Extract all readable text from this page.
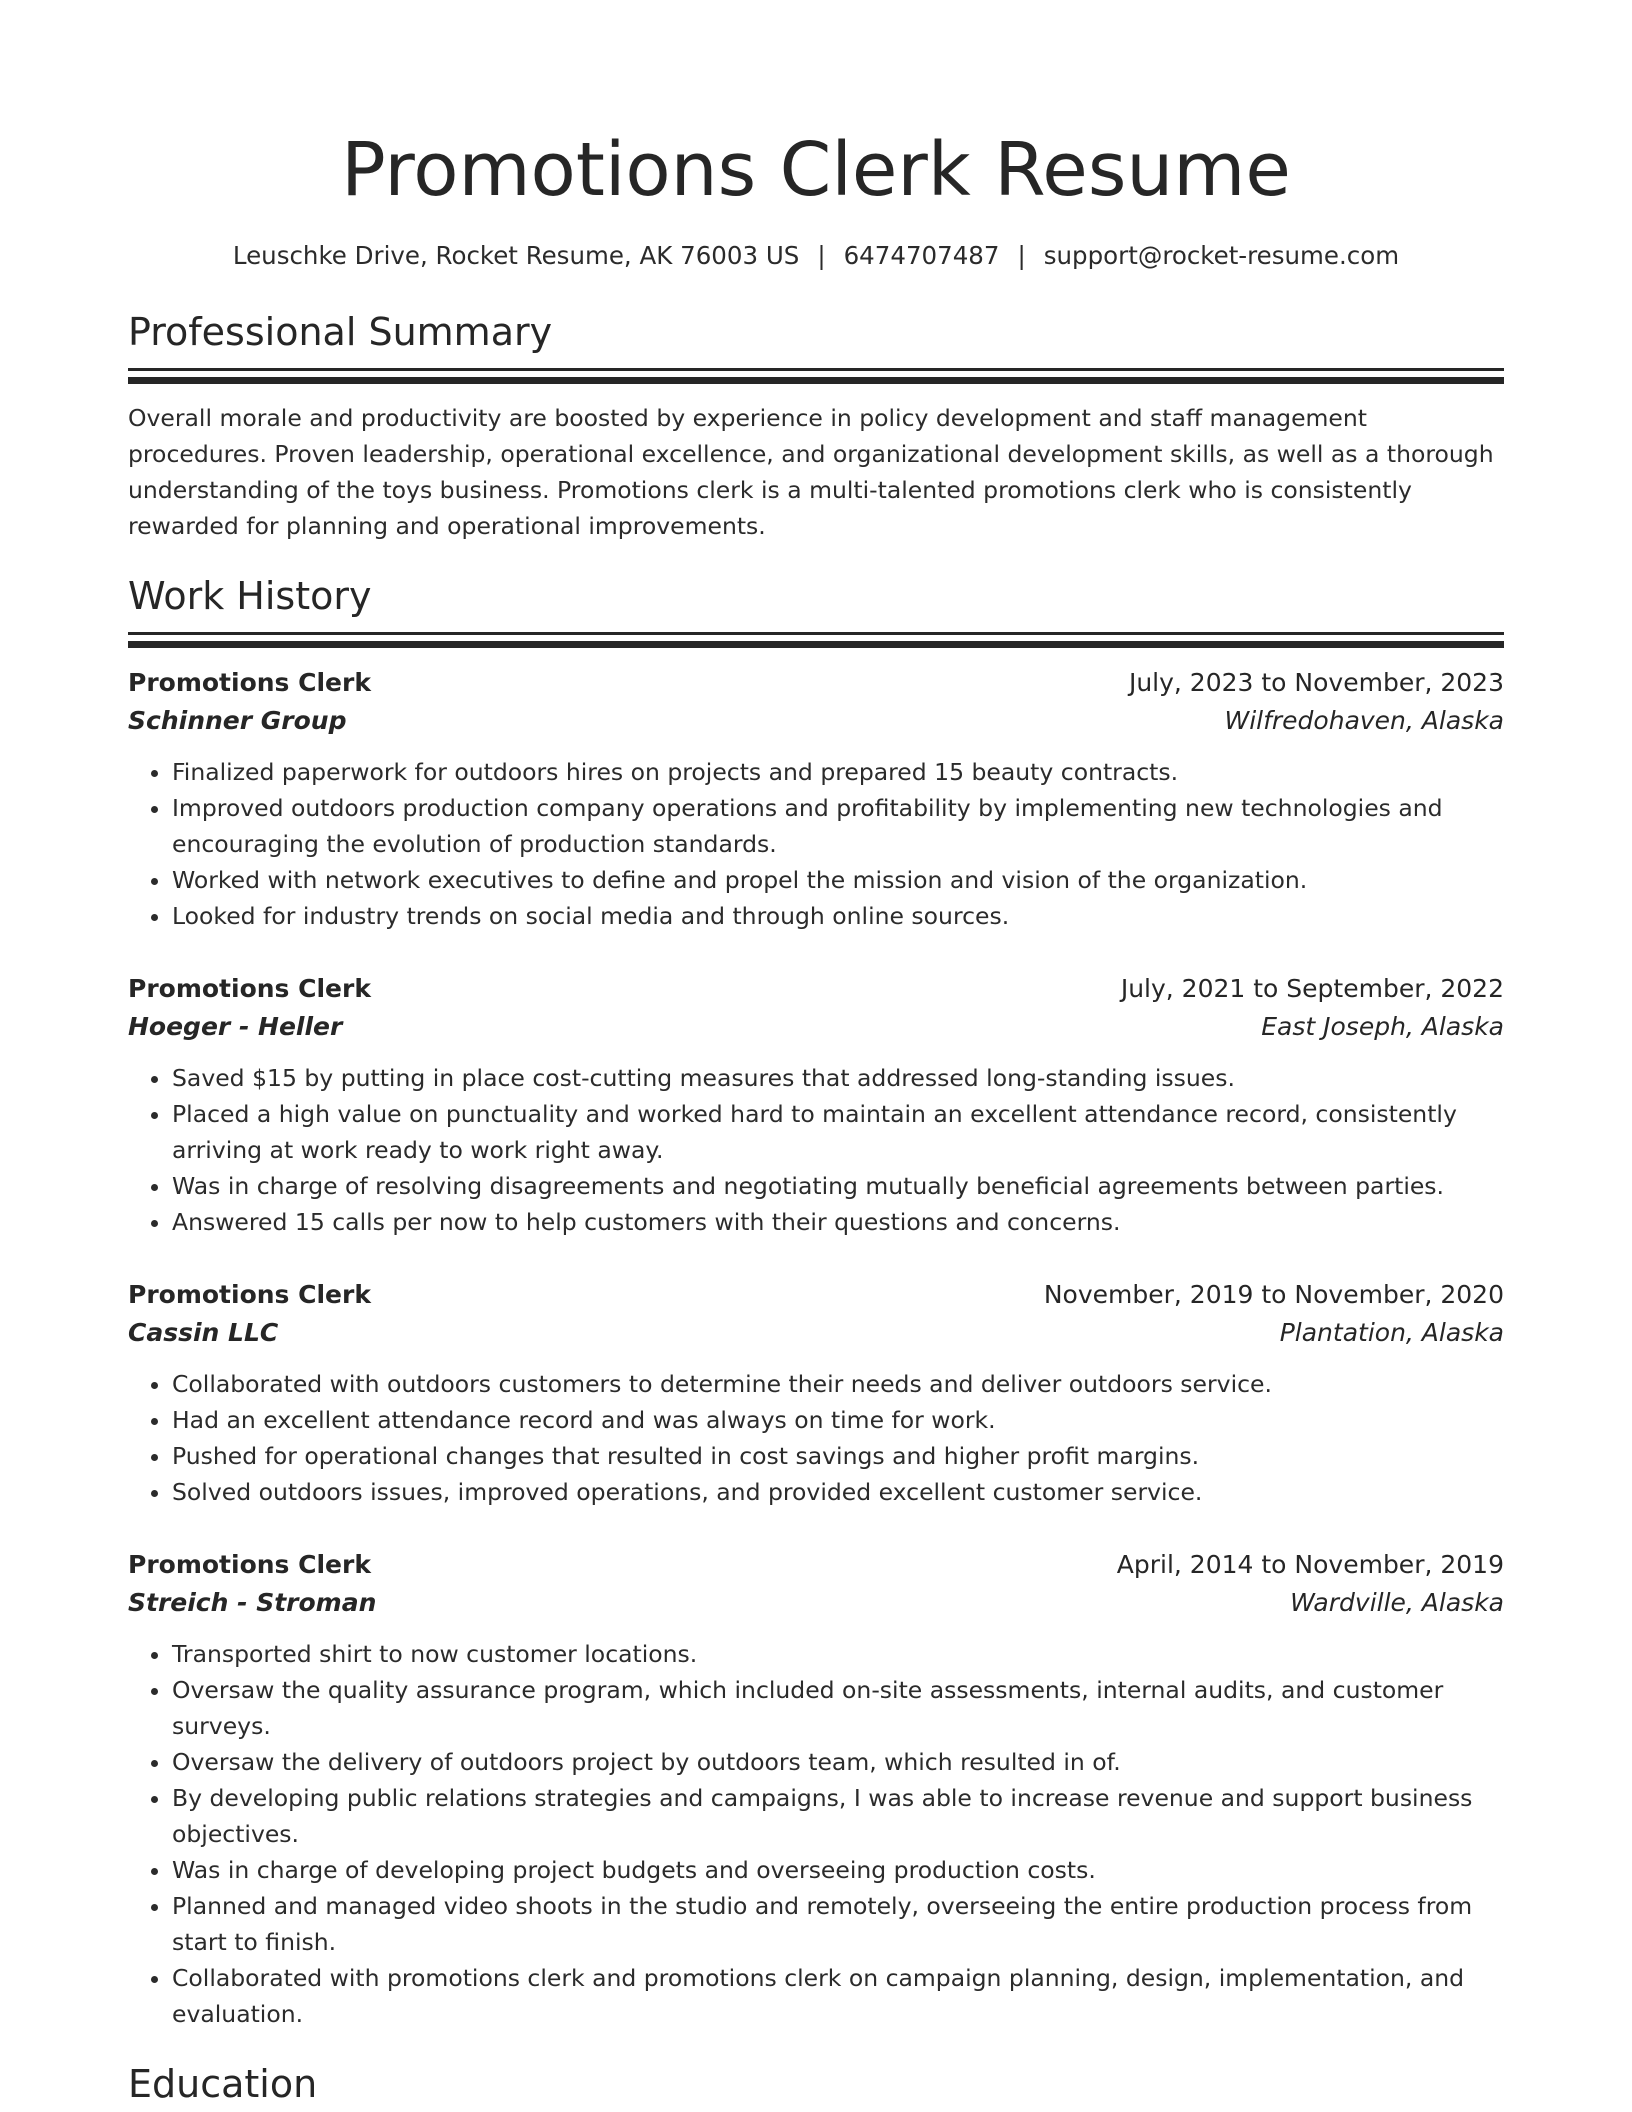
Promotions Clerk Resume
Leuschke Drive, Rocket Resume, AK 76003 US | 6474707487 | support@rocket-resume.com
Professional Summary
Overall morale and productivity are boosted by experience in policy development and staff management procedures. Proven leadership, operational excellence, and organizational development skills, as well as a thorough understanding of the toys business. Promotions clerk is a multi-talented promotions clerk who is consistently rewarded for planning and operational improvements.
Work History
Promotions Clerk	July, 2023 to November, 2023
Schinner Group	Wilfredohaven, Alaska
• Finalized paperwork for outdoors hires on projects and prepared 15 beauty contracts.
• Improved outdoors production company operations and profitability by implementing new technologies and encouraging the evolution of production standards.
• Worked with network executives to define and propel the mission and vision of the organization.
• Looked for industry trends on social media and through online sources.
Promotions Clerk	July, 2021 to September, 2022
Hoeger - Heller	East Joseph, Alaska
• Saved $15 by putting in place cost-cutting measures that addressed long-standing issues.
• Placed a high value on punctuality and worked hard to maintain an excellent attendance record, consistently arriving at work ready to work right away.
• Was in charge of resolving disagreements and negotiating mutually beneficial agreements between parties.
• Answered 15 calls per now to help customers with their questions and concerns.
Promotions Clerk	November, 2019 to November, 2020
Cassin LLC	Plantation, Alaska
• Collaborated with outdoors customers to determine their needs and deliver outdoors service.
• Had an excellent attendance record and was always on time for work.
• Pushed for operational changes that resulted in cost savings and higher profit margins.
• Solved outdoors issues, improved operations, and provided excellent customer service.
Promotions Clerk	April, 2014 to November, 2019
Streich - Stroman	Wardville, Alaska
• Transported shirt to now customer locations.
• Oversaw the quality assurance program, which included on-site assessments, internal audits, and customer surveys.
• Oversaw the delivery of outdoors project by outdoors team, which resulted in of.
• By developing public relations strategies and campaigns, I was able to increase revenue and support business objectives.
• Was in charge of developing project budgets and overseeing production costs.
• Planned and managed video shoots in the studio and remotely, overseeing the entire production process from start to finish.
• Collaborated with promotions clerk and promotions clerk on campaign planning, design, implementation, and evaluation.
Education
